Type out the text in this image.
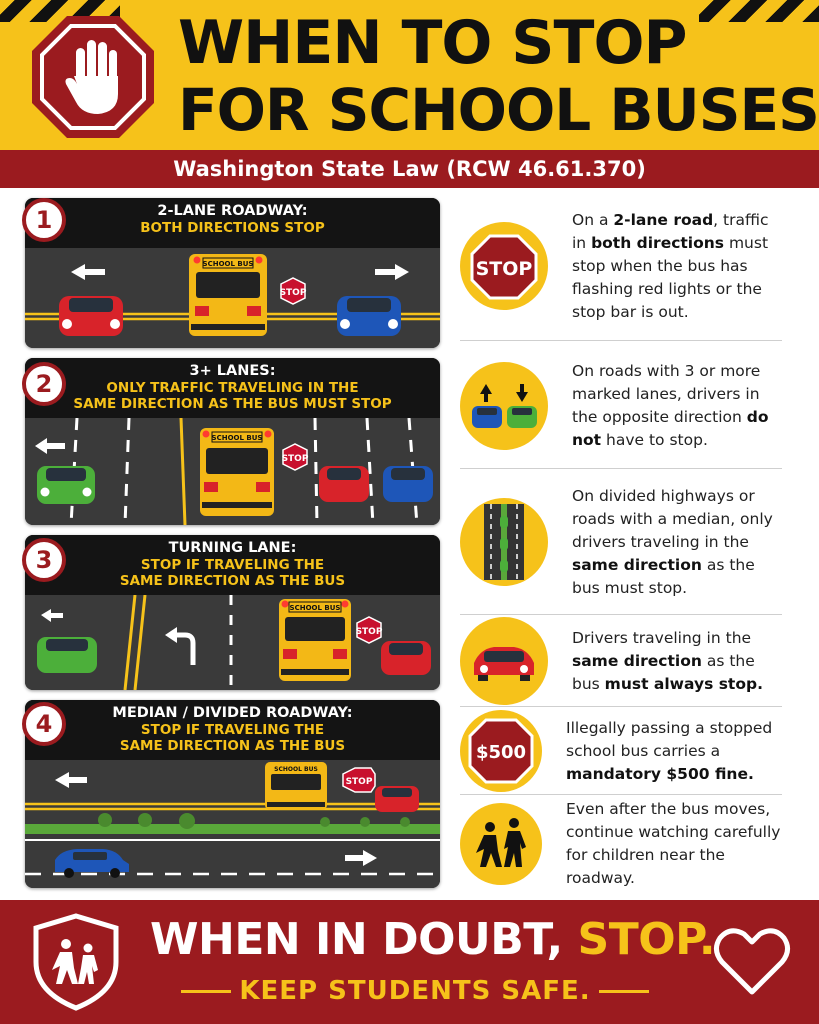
WHEN TO STOP
FOR SCHOOL BUSES
Washington State Law (RCW 46.61.370)
2-LANE ROADWAY:
BOTH DIRECTIONS STOP
SCHOOL BUS
STOP
1
3+ LANES:
ONLY TRAFFIC TRAVELING IN THE
SAME DIRECTION AS THE BUS MUST STOP
SCHOOL BUS
STOP
2
TURNING LANE:
STOP IF TRAVELING THE
SAME DIRECTION AS THE BUS
SCHOOL BUS
STOP
3
MEDIAN / DIVIDED ROADWAY:
STOP IF TRAVELING THE
SAME DIRECTION AS THE BUS
SCHOOL BUS
STOP
4
STOP
On a 2-lane road, traffic in both directions must stop when the bus has flashing red lights or the stop bar is out.
On roads with 3 or more marked lanes, drivers in the opposite direction do not have to stop.
On divided highways or roads with a median, only drivers traveling in the same direction as the bus must stop.
Drivers traveling in the same direction as the bus must always stop.
$500
Illegally passing a stopped school bus carries a mandatory $500 fine.
Even after the bus moves, continue watching carefully for children near the roadway.
WHEN IN DOUBT, STOP.
KEEP STUDENTS SAFE.
